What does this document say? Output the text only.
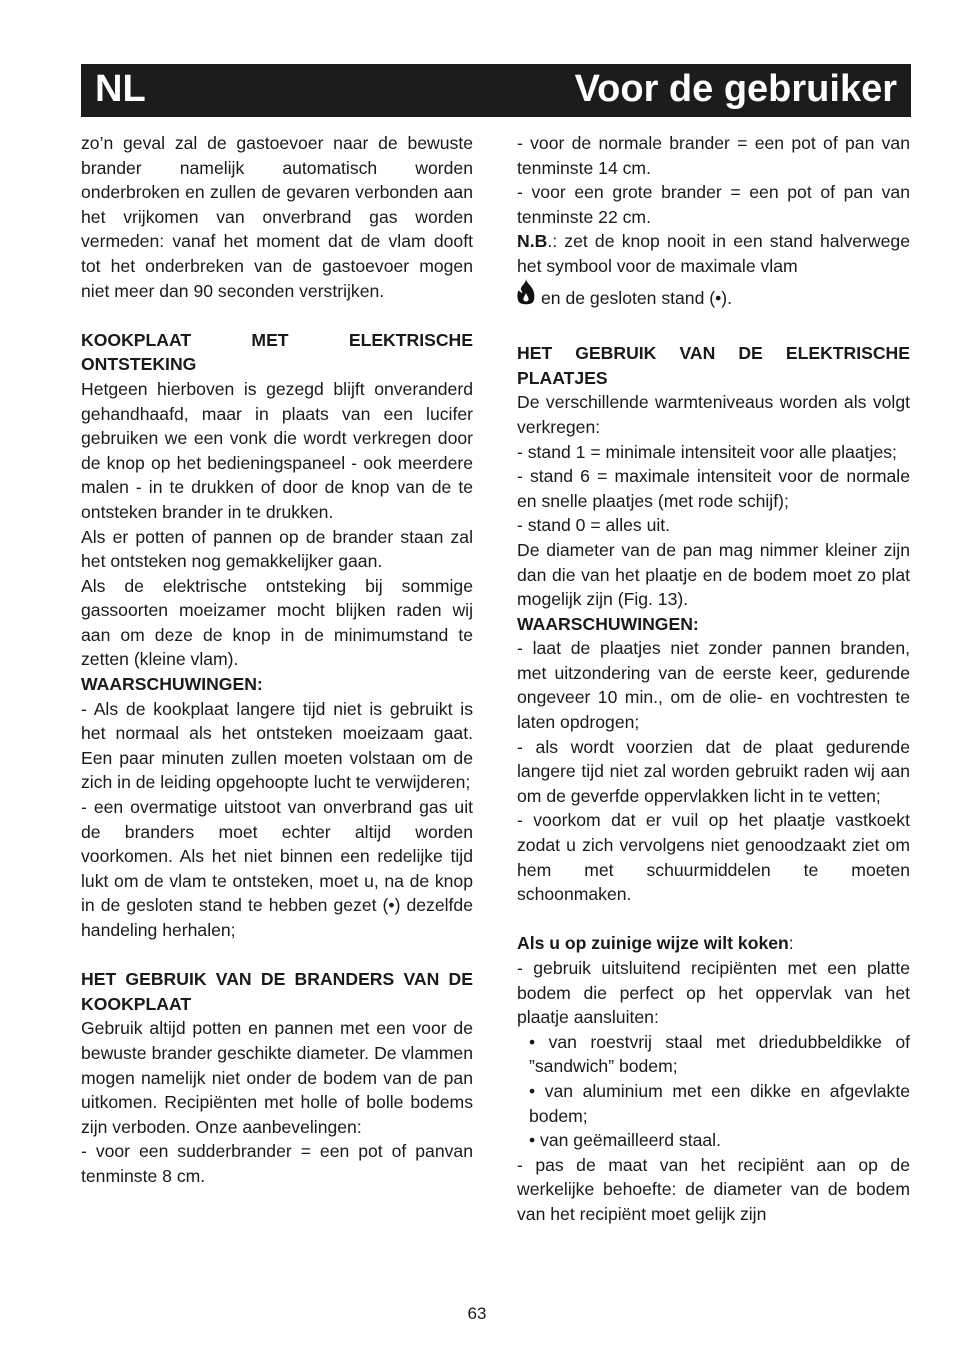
NL	Voor de gebruiker

zo’n geval zal de gastoevoer naar de bewuste brander namelijk automatisch worden onderbroken en zullen de gevaren verbonden aan het vrijkomen van onverbrand gas worden vermeden: vanaf het moment dat de vlam dooft tot het onderbreken van de gastoevoer mogen niet meer dan 90 seconden verstrijken.

KOOKPLAAT MET ELEKTRISCHE ONTSTEKING

Hetgeen hierboven is gezegd blijft onveranderd gehandhaafd, maar in plaats van een lucifer gebruiken we een vonk die wordt verkregen door de knop op het bedieningspaneel - ook meerdere malen - in te drukken of door de knop van de te ontsteken brander in te drukken.

Als er potten of pannen op de brander staan zal het ontsteken nog gemakkelijker gaan.

Als de elektrische ontsteking bij sommige gassoorten moeizamer mocht blijken raden wij aan om deze de knop in de minimumstand te zetten (kleine vlam).

WAARSCHUWINGEN:

- Als de kookplaat langere tijd niet is gebruikt is het normaal als het ontsteken moeizaam gaat. Een paar minuten zullen moeten volstaan om de zich in de leiding opgehoopte lucht te verwijderen;

- een overmatige uitstoot van onverbrand gas uit de branders moet echter altijd worden voorkomen. Als het niet binnen een redelijke tijd lukt om de vlam te ontsteken, moet u, na de knop in de gesloten stand te hebben gezet (•) dezelfde handeling herhalen;

HET GEBRUIK VAN DE BRANDERS VAN DE KOOKPLAAT

Gebruik altijd potten en pannen met een voor de bewuste brander geschikte diameter. De vlammen mogen namelijk niet onder de bodem van de pan uitkomen. Recipiënten met holle of bolle bodems zijn verboden. Onze aanbevelingen:

- voor een sudderbrander = een pot of panvan tenminste 8 cm.

- voor de normale brander = een pot of pan van tenminste 14 cm.

- voor een grote brander = een pot of pan van tenminste 22 cm.

N.B.: zet de knop nooit in een stand halverwege het symbool voor de maximale vlam

en de gesloten stand (•).

HET GEBRUIK VAN DE ELEKTRISCHE PLAATJES

De verschillende warmteniveaus worden als volgt verkregen:

- stand 1 = minimale intensiteit voor alle plaatjes;

- stand 6 = maximale intensiteit voor de normale en snelle plaatjes (met rode schijf);

- stand 0 = alles uit.

De diameter van de pan mag nimmer kleiner zijn dan die van het plaatje en de bodem moet zo plat mogelijk zijn (Fig. 13).

WAARSCHUWINGEN:

- laat de plaatjes niet zonder pannen branden, met uitzondering van de eerste keer, gedurende ongeveer 10 min., om de olie- en vochtresten te laten opdrogen;

- als wordt voorzien dat de plaat gedurende langere tijd niet zal worden gebruikt raden wij aan om de geverfde oppervlakken licht in te vetten;

- voorkom dat er vuil op het plaatje vastkoekt zodat u zich vervolgens niet genoodzaakt ziet om hem met schuurmiddelen te moeten schoonmaken.

Als u op zuinige wijze wilt koken:

- gebruik uitsluitend recipiënten met een platte bodem die perfect op het oppervlak van het plaatje aansluiten:

• van roestvrij staal met driedubbeldikke of ”sandwich” bodem;

• van aluminium met een dikke en afgevlakte bodem;

• van geëmailleerd staal.

- pas de maat van het recipiënt aan op de werkelijke behoefte: de diameter van de bodem van het recipiënt moet gelijk zijn

63
